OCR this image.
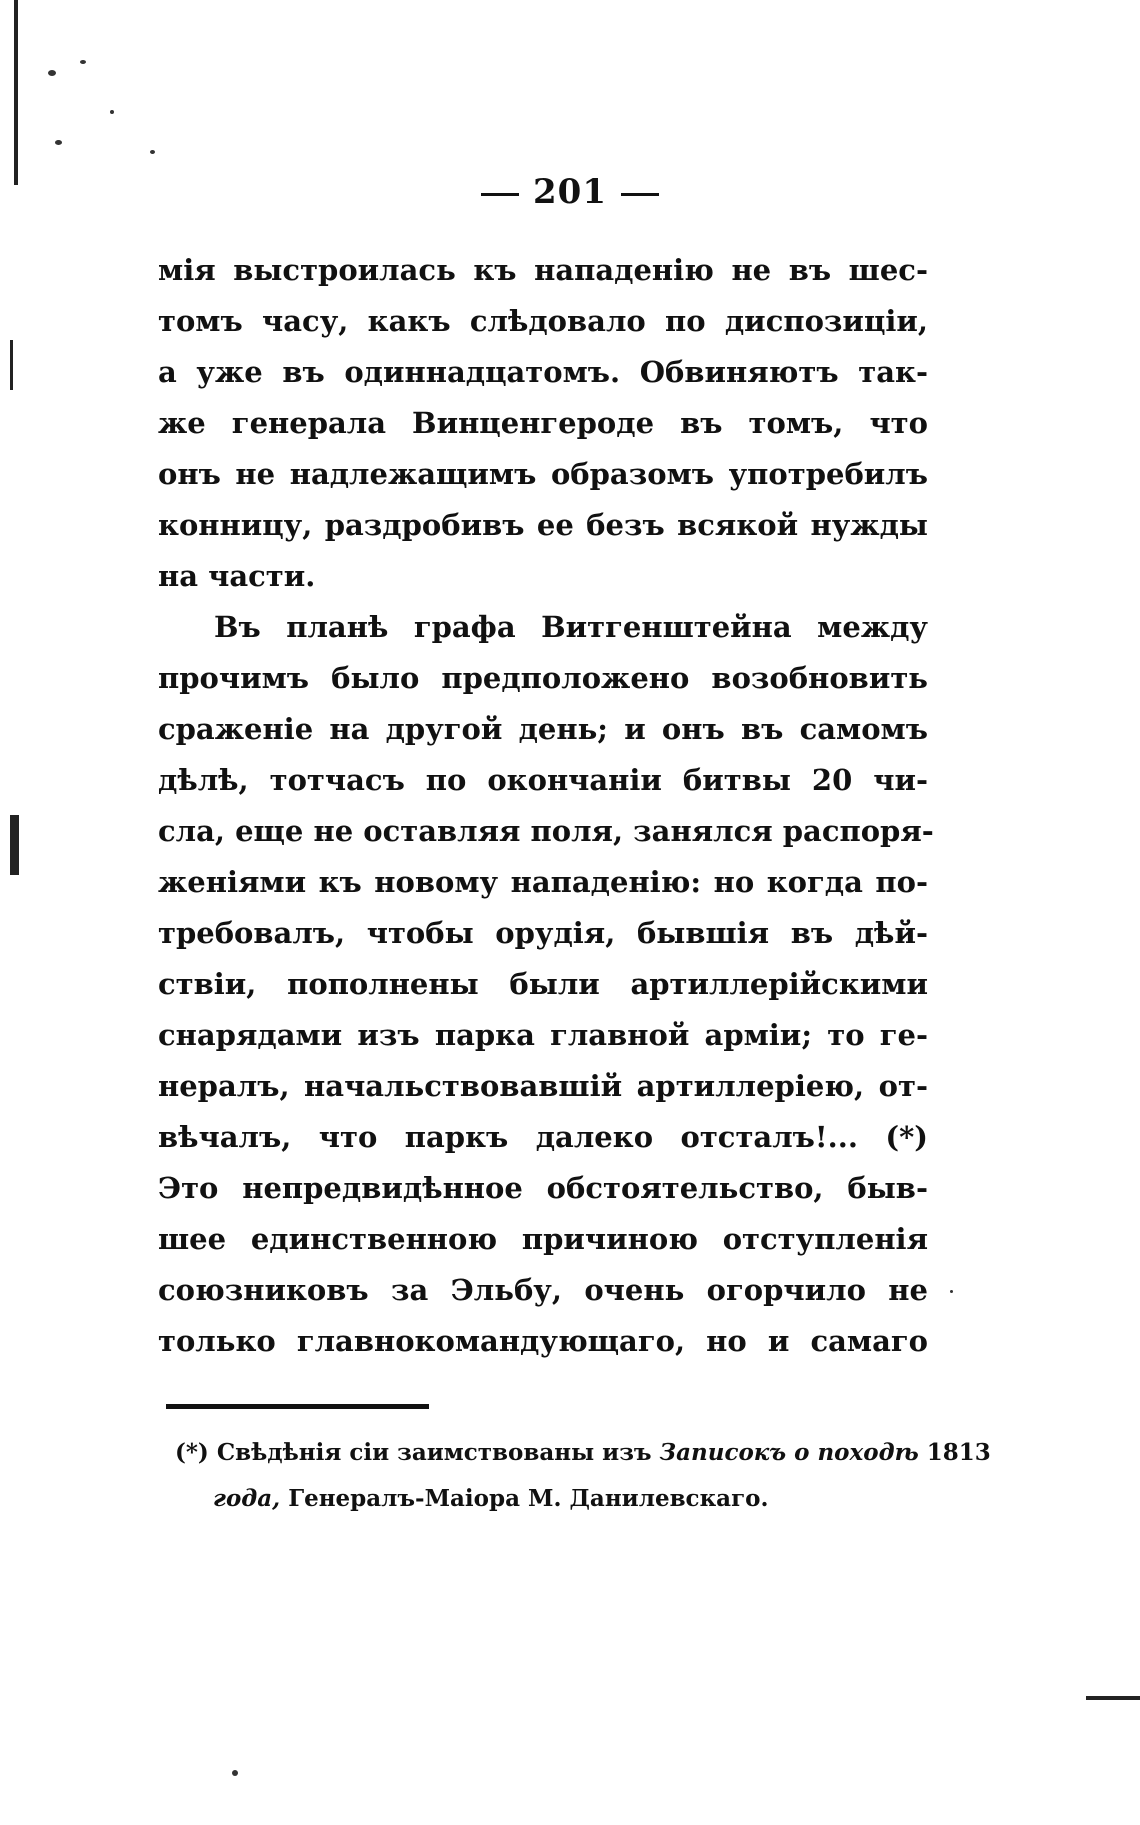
201
мія выстроилась къ нападенію не въ шес-
томъ часу, какъ слѣдовало по диспозиціи,
а уже въ одиннадцатомъ. Обвиняютъ так-
же генерала Винценгероде въ томъ, что
онъ не надлежащимъ образомъ употребилъ
конницу, раздробивъ ее безъ всякой нужды
на части.
Въ планѣ графа Витгенштейна между
прочимъ было предположено возобновить
сраженіе на другой день; и онъ въ самомъ
дѣлѣ, тотчасъ по окончаніи битвы 20 чи-
сла, еще не оставляя поля, занялся распоря-
женіями къ новому нападенію: но когда по-
требовалъ, чтобы орудія, бывшія въ дѣй-
ствіи, пополнены были артиллерійскими
снарядами изъ парка главной арміи; то ге-
нералъ, начальствовавшій артиллеріею, от-
вѣчалъ, что паркъ далеко отсталъ!... (*)
Это непредвидѣнное обстоятельство, быв-
шее единственною причиною отступленія
союзниковъ за Эльбу, очень огорчило не
только главнокомандующаго, но и самаго
(*) Свѣдѣнія сіи заимствованы изъ Записокъ о походѣ 1813
года, Генералъ-Маіора М. Данилевскаго.
